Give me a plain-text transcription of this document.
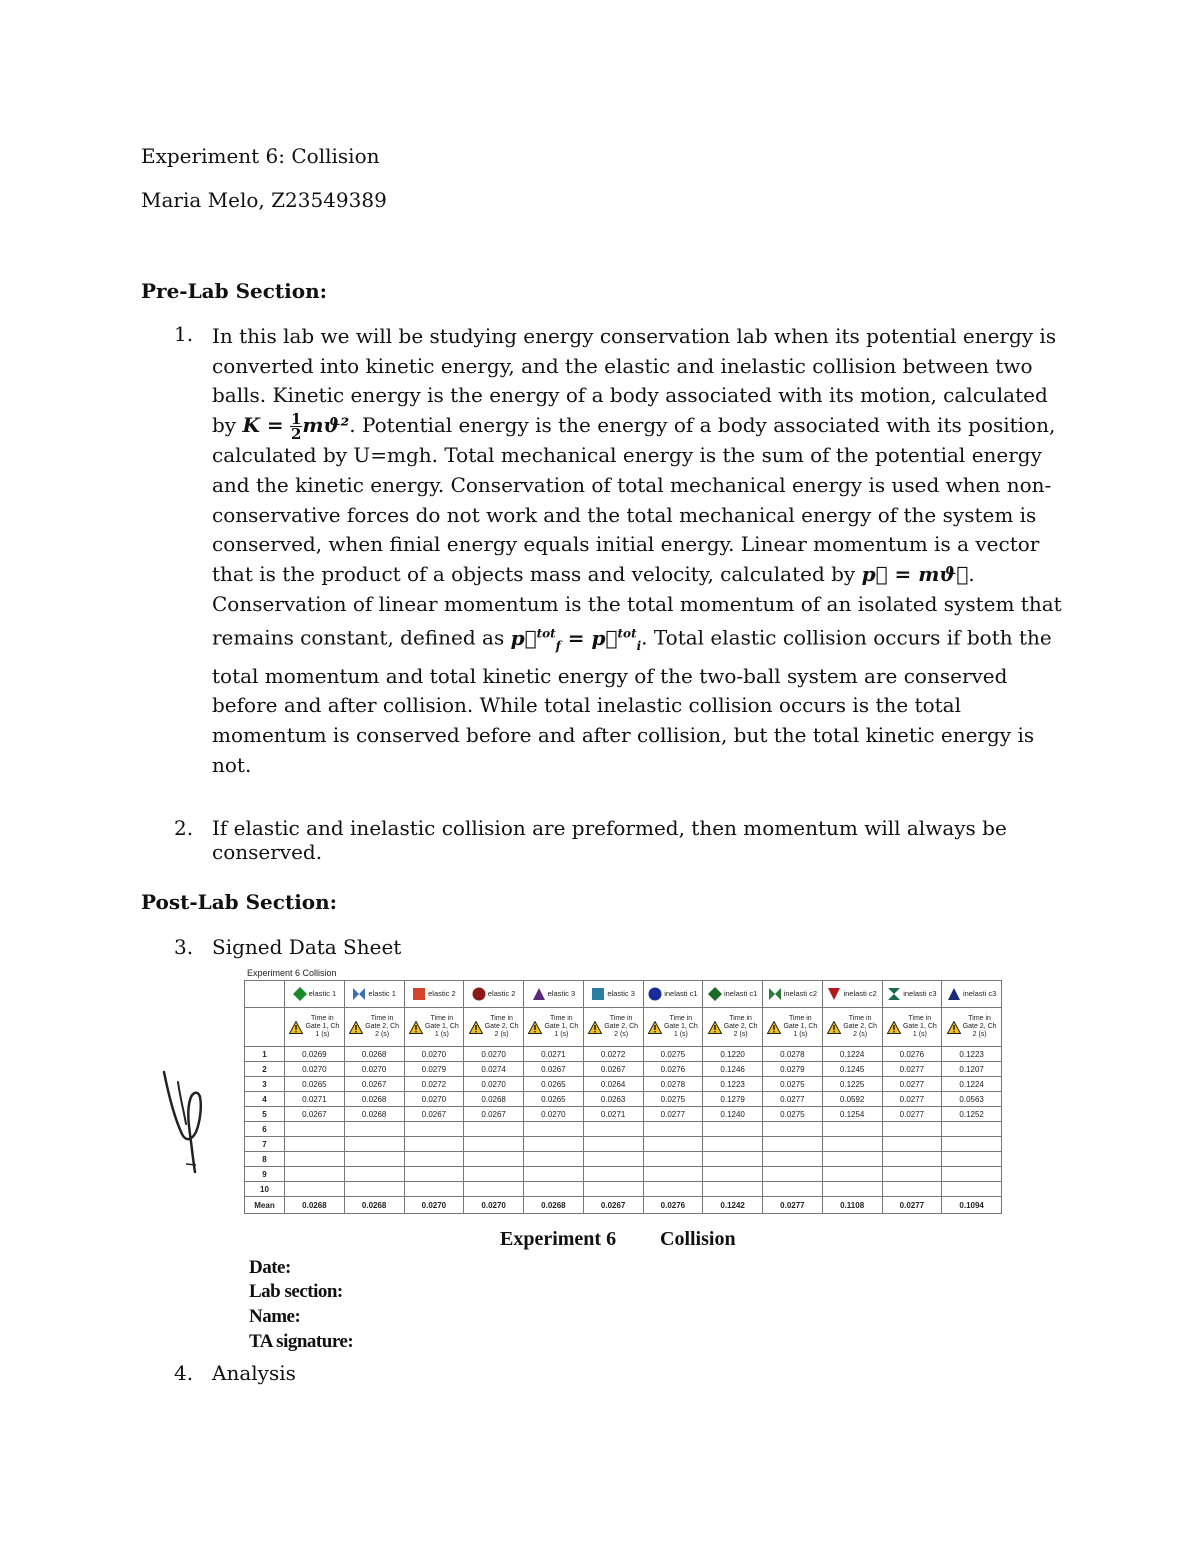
Experiment 6: Collision
Maria Melo, Z23549389
Pre-Lab Section:
1. In this lab we will be studying energy conservation lab when its potential energy is converted into kinetic energy, and the elastic and inelastic collision between two balls. Kinetic energy is the energy of a body associated with its motion, calculated by $K = \frac{1}{2} mϑ^2$. Potential energy is the energy of a body associated with its position, calculated by U=mgh. Total mechanical energy is the sum of the potential energy and the kinetic energy. Conservation of total mechanical energy is used when non-conservative forces do not work and the total mechanical energy of the system is conserved, when finial energy equals initial energy. Linear momentum is a vector that is the product of a objects mass and velocity, calculated by p⃗ = mϑ⃗. Conservation of linear momentum is the total momentum of an isolated system that remains constant, defined as p⃗$^{tot}_f$ = p⃗$^{tot}_i$. Total elastic collision occurs if both the total momentum and total kinetic energy of the two-ball system are conserved before and after collision. While total inelastic collision occurs is the total momentum is conserved before and after collision, but the total kinetic energy is not.
2. If elastic and inelastic collision are preformed, then momentum will always be conserved.
Post-Lab Section:
3. Signed Data Sheet
Experiment 6 Collision
	elastic 1	elastic 1	elastic 2	elastic 2	elastic 3	elastic 3	inelasti c1	inelasti c1	inelasti c2	inelasti c2	inelasti c3	inelasti c3
	Time in Gate 1, Ch 1 (s)	Time in Gate 2, Ch 2 (s)	Time in Gate 1, Ch 1 (s)	Time in Gate 2, Ch 2 (s)	Time in Gate 1, Ch 1 (s)	Time in Gate 2, Ch 2 (s)	Time in Gate 1, Ch 1 (s)	Time in Gate 2, Ch 2 (s)	Time in Gate 1, Ch 1 (s)	Time in Gate 2, Ch 2 (s)	Time in Gate 1, Ch 1 (s)	Time in Gate 2, Ch 2 (s)
1	0.0269	0.0268	0.0270	0.0270	0.0271	0.0272	0.0275	0.1220	0.0278	0.1224	0.0276	0.1223
2	0.0270	0.0270	0.0279	0.0274	0.0267	0.0267	0.0276	0.1246	0.0279	0.1245	0.0277	0.1207
3	0.0265	0.0267	0.0272	0.0270	0.0265	0.0264	0.0278	0.1223	0.0275	0.1225	0.0277	0.1224
4	0.0271	0.0268	0.0270	0.0268	0.0265	0.0263	0.0275	0.1279	0.0277	0.0592	0.0277	0.0563
5	0.0267	0.0268	0.0267	0.0267	0.0270	0.0271	0.0277	0.1240	0.0275	0.1254	0.0277	0.1252
6												
7												
8												
9												
10												
Mean	0.0268	0.0268	0.0270	0.0270	0.0268	0.0267	0.0276	0.1242	0.0277	0.1108	0.0277	0.1094
Experiment 6 Collision
Date:
Lab section:
Name:
TA signature:
4. Analysis
